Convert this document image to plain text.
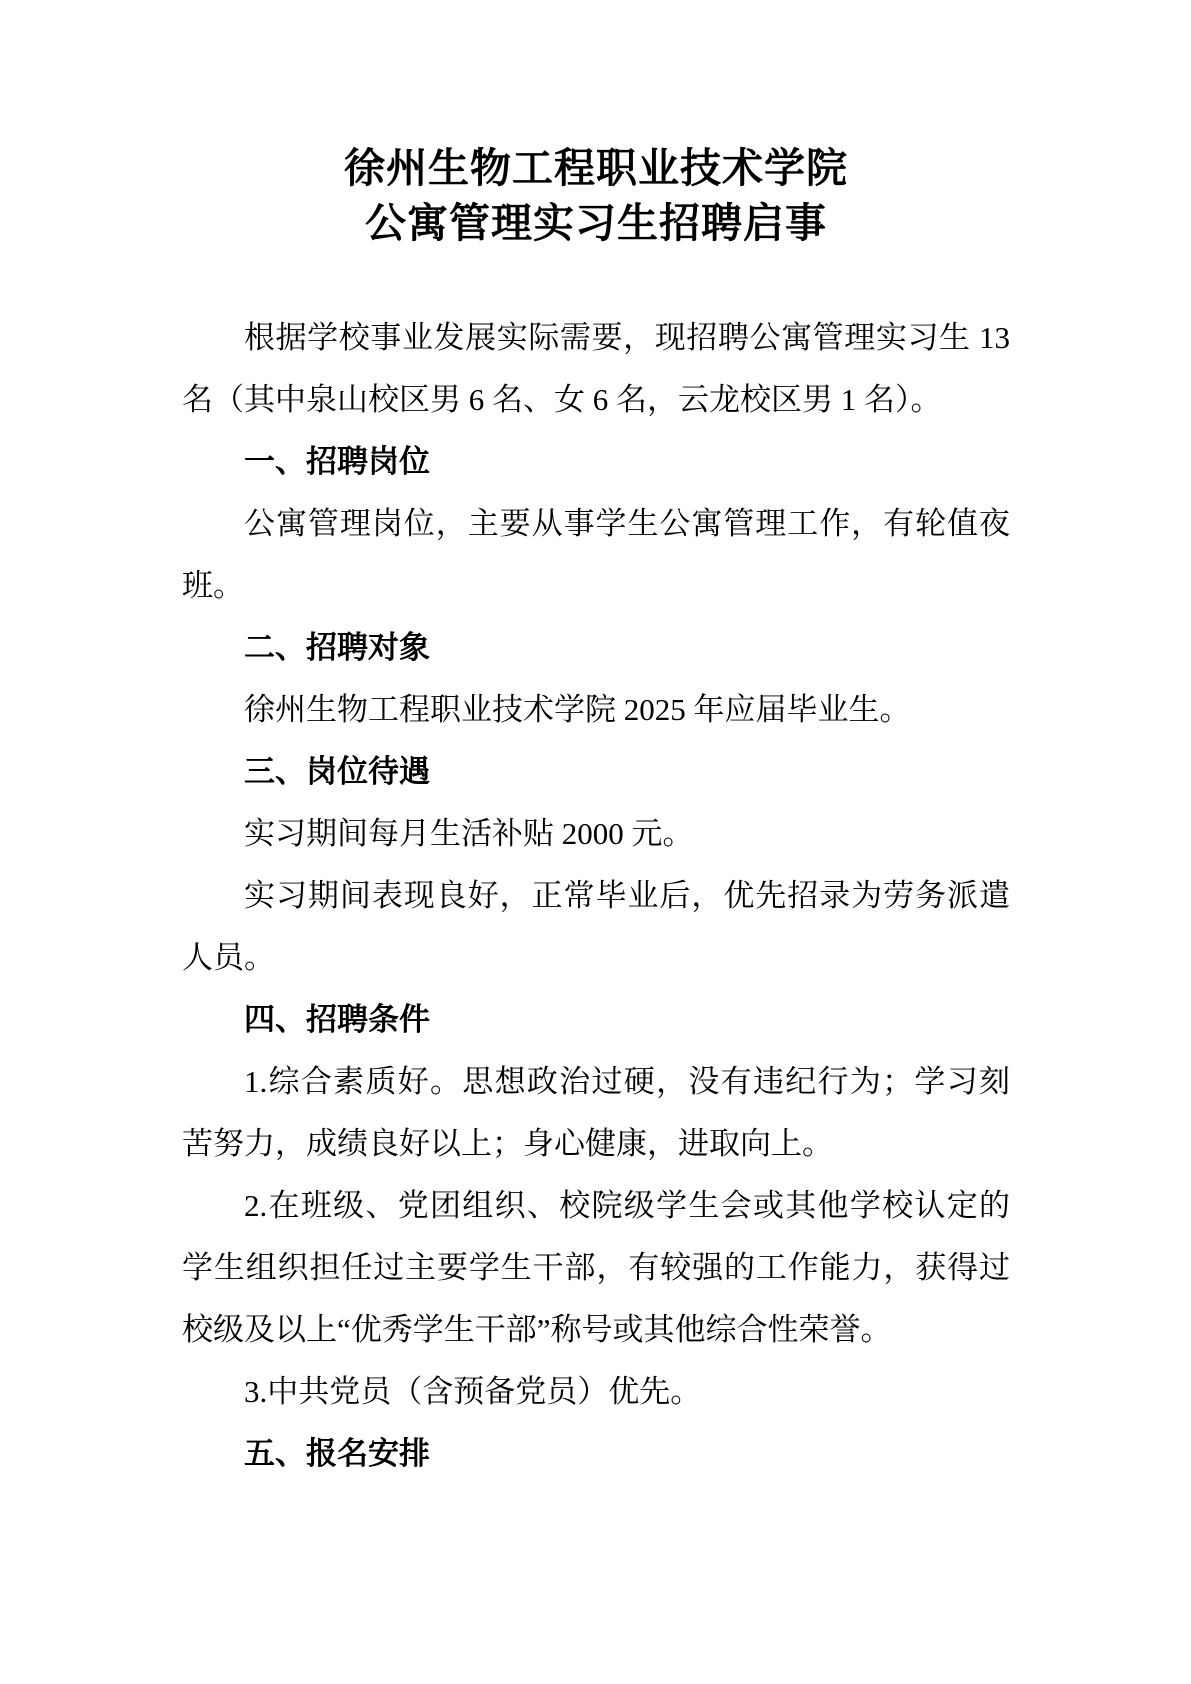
徐州生物工程职业技术学院
公寓管理实习生招聘启事

根据学校事业发展实际需要，现招聘公寓管理实习生 13 名（其中泉山校区男 6 名、女 6 名，云龙校区男 1 名）。

一、招聘岗位

公寓管理岗位，主要从事学生公寓管理工作，有轮值夜班。

二、招聘对象

徐州生物工程职业技术学院 2025 年应届毕业生。

三、岗位待遇

实习期间每月生活补贴 2000 元。

实习期间表现良好，正常毕业后，优先招录为劳务派遣人员。

四、招聘条件

1.综合素质好。思想政治过硬，没有违纪行为；学习刻苦努力，成绩良好以上；身心健康，进取向上。

2.在班级、党团组织、校院级学生会或其他学校认定的学生组织担任过主要学生干部，有较强的工作能力，获得过校级及以上“优秀学生干部”称号或其他综合性荣誉。

3.中共党员（含预备党员）优先。

五、报名安排
